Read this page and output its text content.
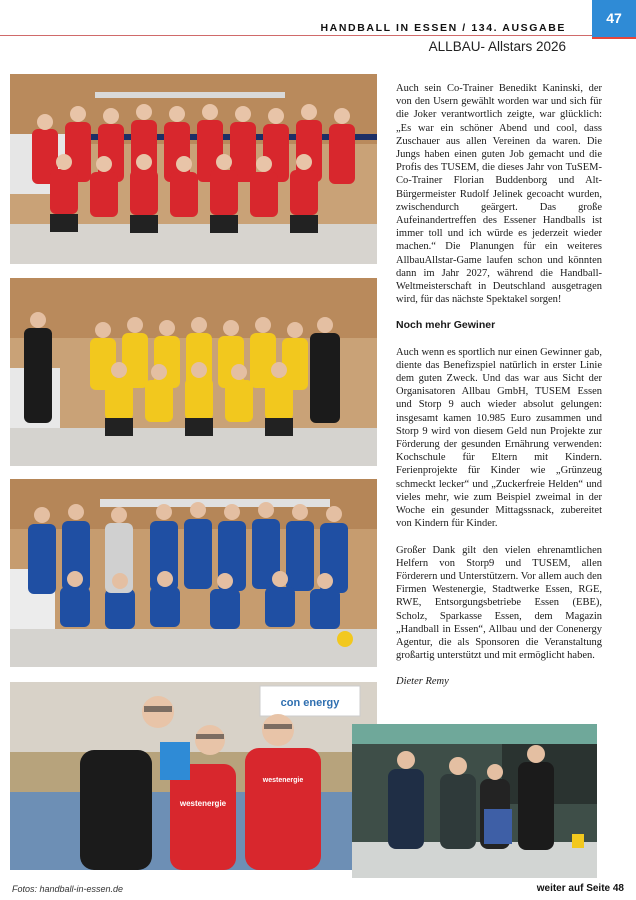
HANDBALL IN ESSEN / 134. AUSGABE
ALLBAU- Allstars 2026
47
con energy
westenergie
westenergie

Auch sein Co-Trainer Benedikt Kaninski, der von den Usern gewählt worden war und sich für die Joker verantwortlich zeigte, war glücklich: „Es war ein schöner Abend und cool, dass Zuschauer aus allen Vereinen da waren. Die Jungs haben einen guten Job gemacht und die Profis des TUSEM, die dieses Jahr von TuSEM-Co-Trainer Florian Buddenborg und Alt-Bürgermeister Rudolf Jelinek gecoacht wurden, zwischendurch geärgert. Das große Aufeinandertreffen des Essener Handballs ist immer toll und ich würde es jederzeit wieder machen.“ Die Planungen für ein weiteres AllbauAllstar-Game laufen schon und könnten dann im Jahr 2027, während die Handball-Weltmeisterschaft in Deutschland ausgetragen wird, für das nächste Spektakel sorgen!

Noch mehr Gewiner

Auch wenn es sportlich nur einen Gewinner gab, diente das Benefizspiel natürlich in erster Linie dem guten Zweck. Und das war aus Sicht der Organisatoren Allbau GmbH, TUSEM Essen und Storp 9 auch wieder absolut gelungen: insgesamt kamen 10.985 Euro zusammen und Storp 9 wird von diesem Geld nun Projekte zur Förderung der gesunden Ernährung verwenden: Kochschule für Eltern mit Kindern. Ferienprojekte für Kinder wie „Grünzeug schmeckt lecker“ und „Zuckerfreie Helden“ und vieles mehr, wie zum Beispiel zweimal in der Woche ein gesunder Mittagssnack, zubereitet von Kindern für Kinder.

Großer Dank gilt den vielen ehrenamtlichen Helfern von Storp9 und TUSEM, allen Förderern und Unterstützern. Vor allem auch den Firmen Westenergie, Stadtwerke Essen, RGE, RWE, Entsorgungsbetriebe Essen (EBE), Scholz, Sparkasse Essen, dem Magazin „Handball in Essen“, Allbau und der Conenergy Agentur, die als Sponsoren die Veranstaltung großartig unterstützt und mit ermöglicht haben.

Dieter Remy

Fotos: handball-in-essen.de	weiter auf Seite 48
